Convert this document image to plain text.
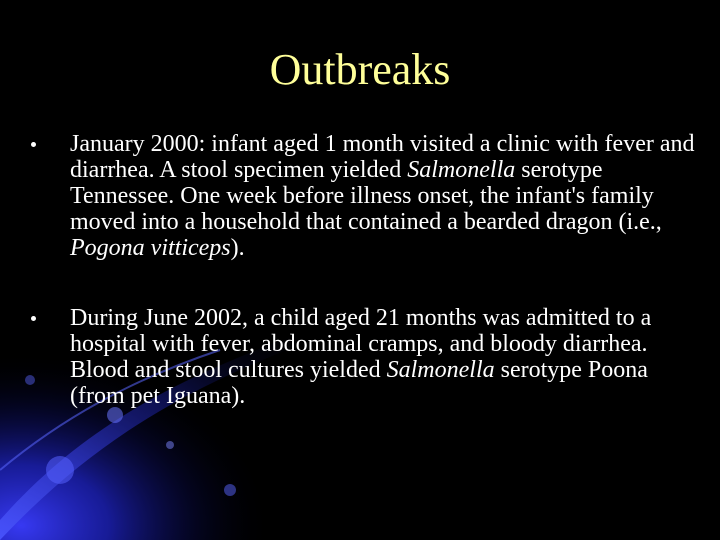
Outbreaks
January 2000: infant aged 1 month visited a clinic with fever and diarrhea. A stool specimen yielded Salmonella serotype Tennessee. One week before illness onset, the infant's family moved into a household that contained a bearded dragon (i.e., Pogona vitticeps).
During June 2002, a child aged 21 months was admitted to a hospital with fever, abdominal cramps, and bloody diarrhea. Blood and stool cultures yielded Salmonella serotype Poona (from pet Iguana).
